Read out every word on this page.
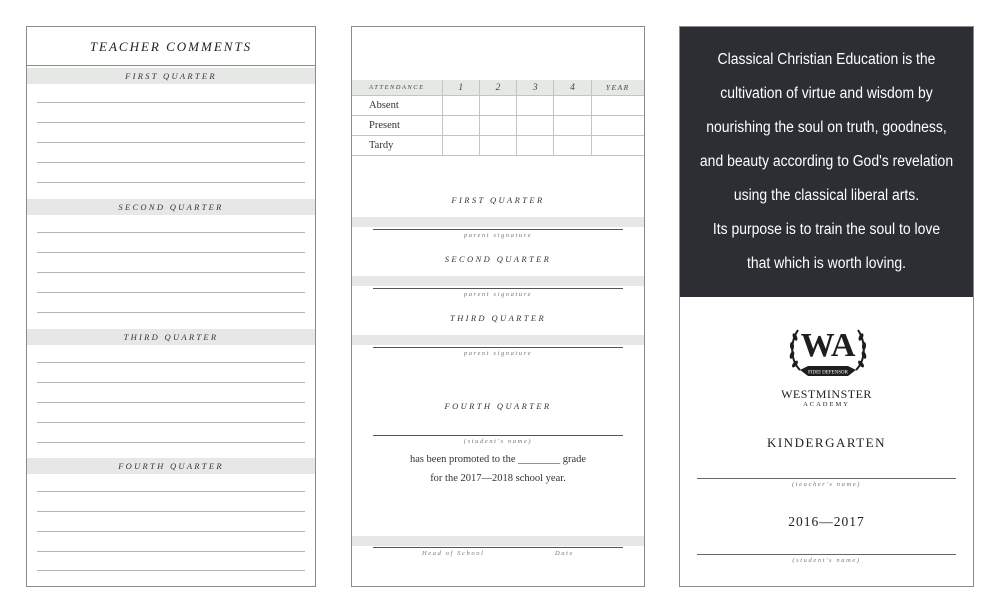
TEACHER COMMENTS
FIRST QUARTER
SECOND QUARTER
THIRD QUARTER
FOURTH QUARTER
ATTENDANCE	1	2	3	4	YEAR
Absent					
Present					
Tardy					
FIRST QUARTER
parent signature
SECOND QUARTER
parent signature
THIRD QUARTER
parent signature
FOURTH QUARTER
(student's name)
has been promoted to the ________ grade
for the 2017—2018 school year.
Head of School	Date
Classical Christian Education is the
cultivation of virtue and wisdom by
nourishing the soul on truth, goodness,
and beauty according to God's revelation
using the classical liberal arts.
Its purpose is to train the soul to love
that which is worth loving.
WA
FIDEI DEFENSOR
WESTMINSTER
ACADEMY
KINDERGARTEN
(teacher's name)
2016—2017
(student's name)
